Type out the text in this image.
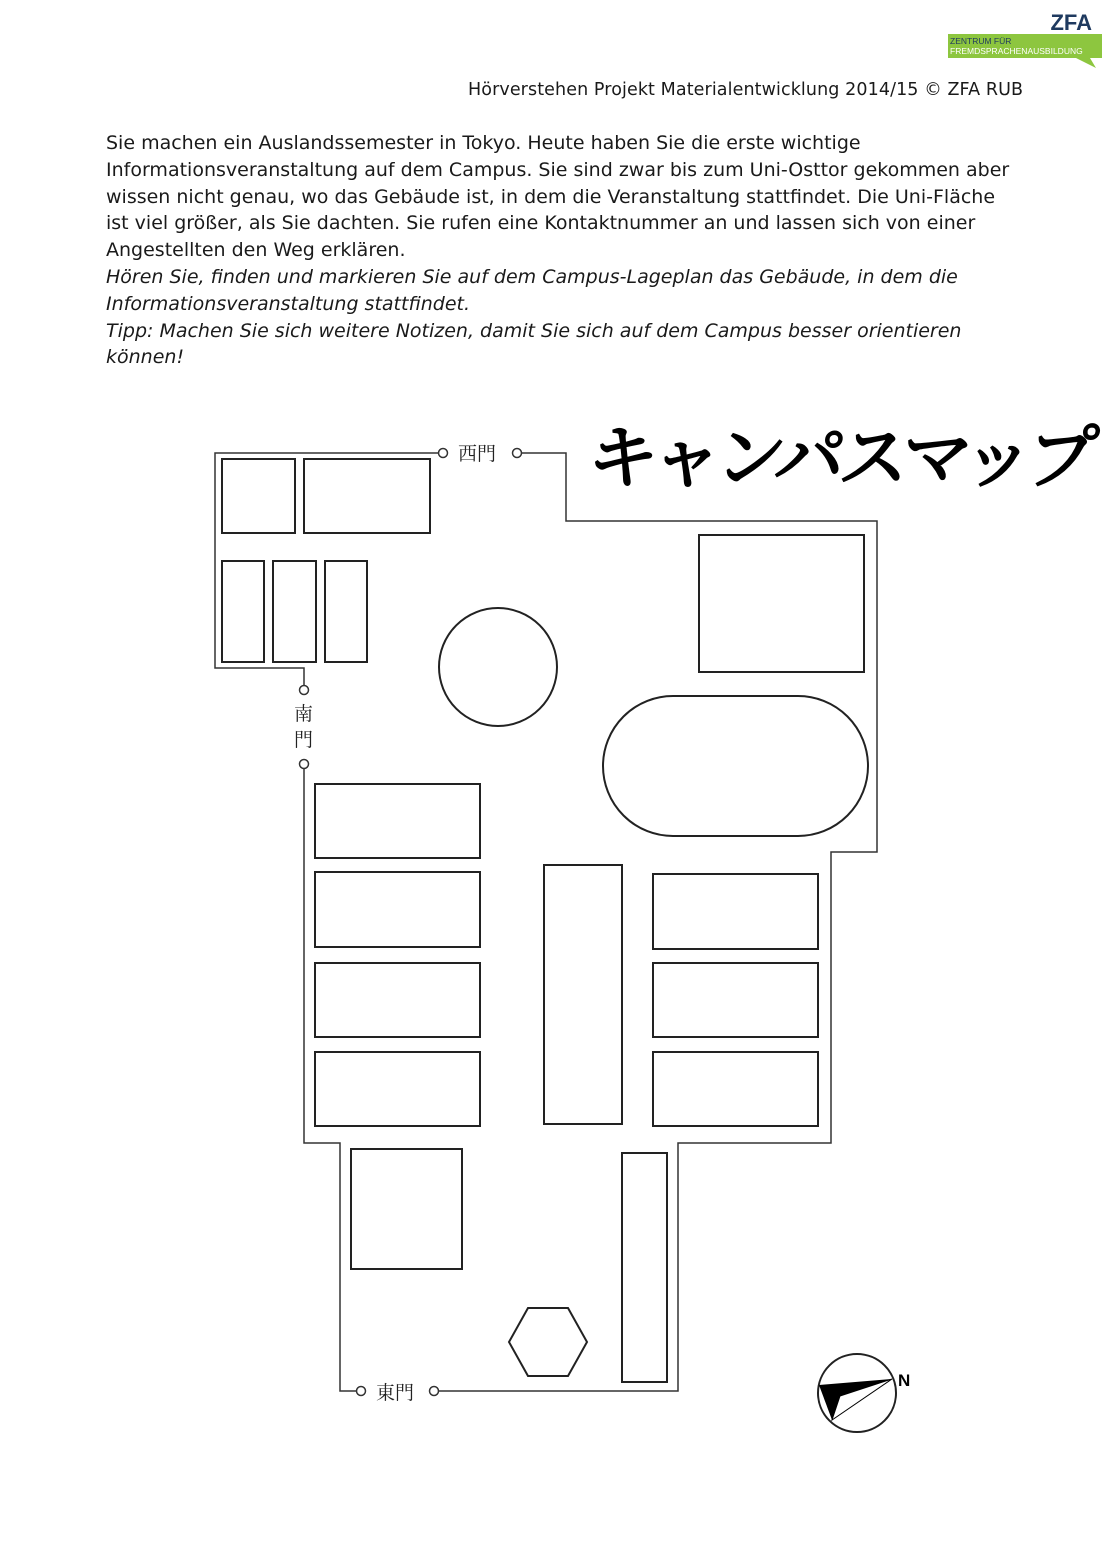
ZFA
ZENTRUM FÜR
FREMDSPRACHENAUSBILDUNG
Hörverstehen Projekt Materialentwicklung 2014/15 © ZFA RUB

Sie machen ein Auslandssemester in Tokyo. Heute haben Sie die erste wichtige Informationsveranstaltung auf dem Campus. Sie sind zwar bis zum Uni-Osttor gekommen aber wissen nicht genau, wo das Gebäude ist, in dem die Veranstaltung stattfindet. Die Uni-Fläche ist viel größer, als Sie dachten. Sie rufen eine Kontaktnummer an und lassen sich von einer Angestellten den Weg erklären.

Hören Sie, finden und markieren Sie auf dem Campus-Lageplan das Gebäude, in dem die Informationsveranstaltung stattfindet.

Tipp: Machen Sie sich weitere Notizen, damit Sie sich auf dem Campus besser orientieren können!

西門
南
門
東門
N
キャンパスマップ
